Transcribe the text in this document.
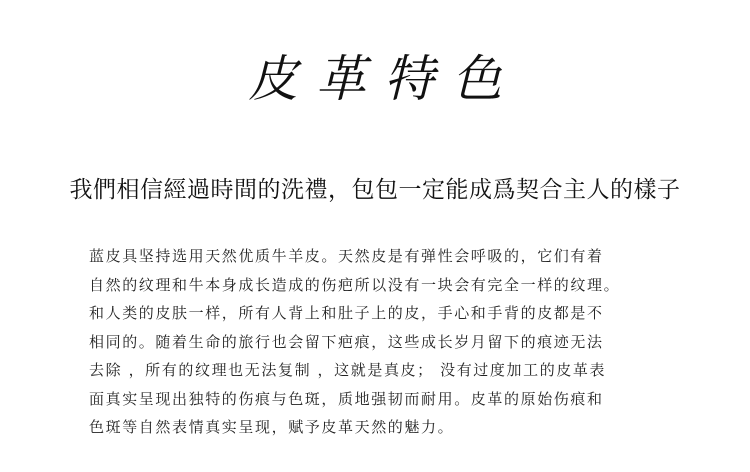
皮革特色
我們相信經過時間的洗禮，包包一定能成爲契合主人的樣子
蓝皮具坚持选用天然优质牛羊皮。天然皮是有弹性会呼吸的，它们有着
自然的纹理和牛本身成长造成的伤疤所以没有一块会有完全一样的纹理。
和人类的皮肤一样，所有人背上和肚子上的皮，手心和手背的皮都是不
相同的。随着生命的旅行也会留下疤痕，这些成长岁月留下的痕迹无法
去除 ，所有的纹理也无法复制 ，这就是真皮； 没有过度加工的皮革表
面真实呈现出独特的伤痕与色斑，质地强韧而耐用。皮革的原始伤痕和
色斑等自然表情真实呈现，赋予皮革天然的魅力。
